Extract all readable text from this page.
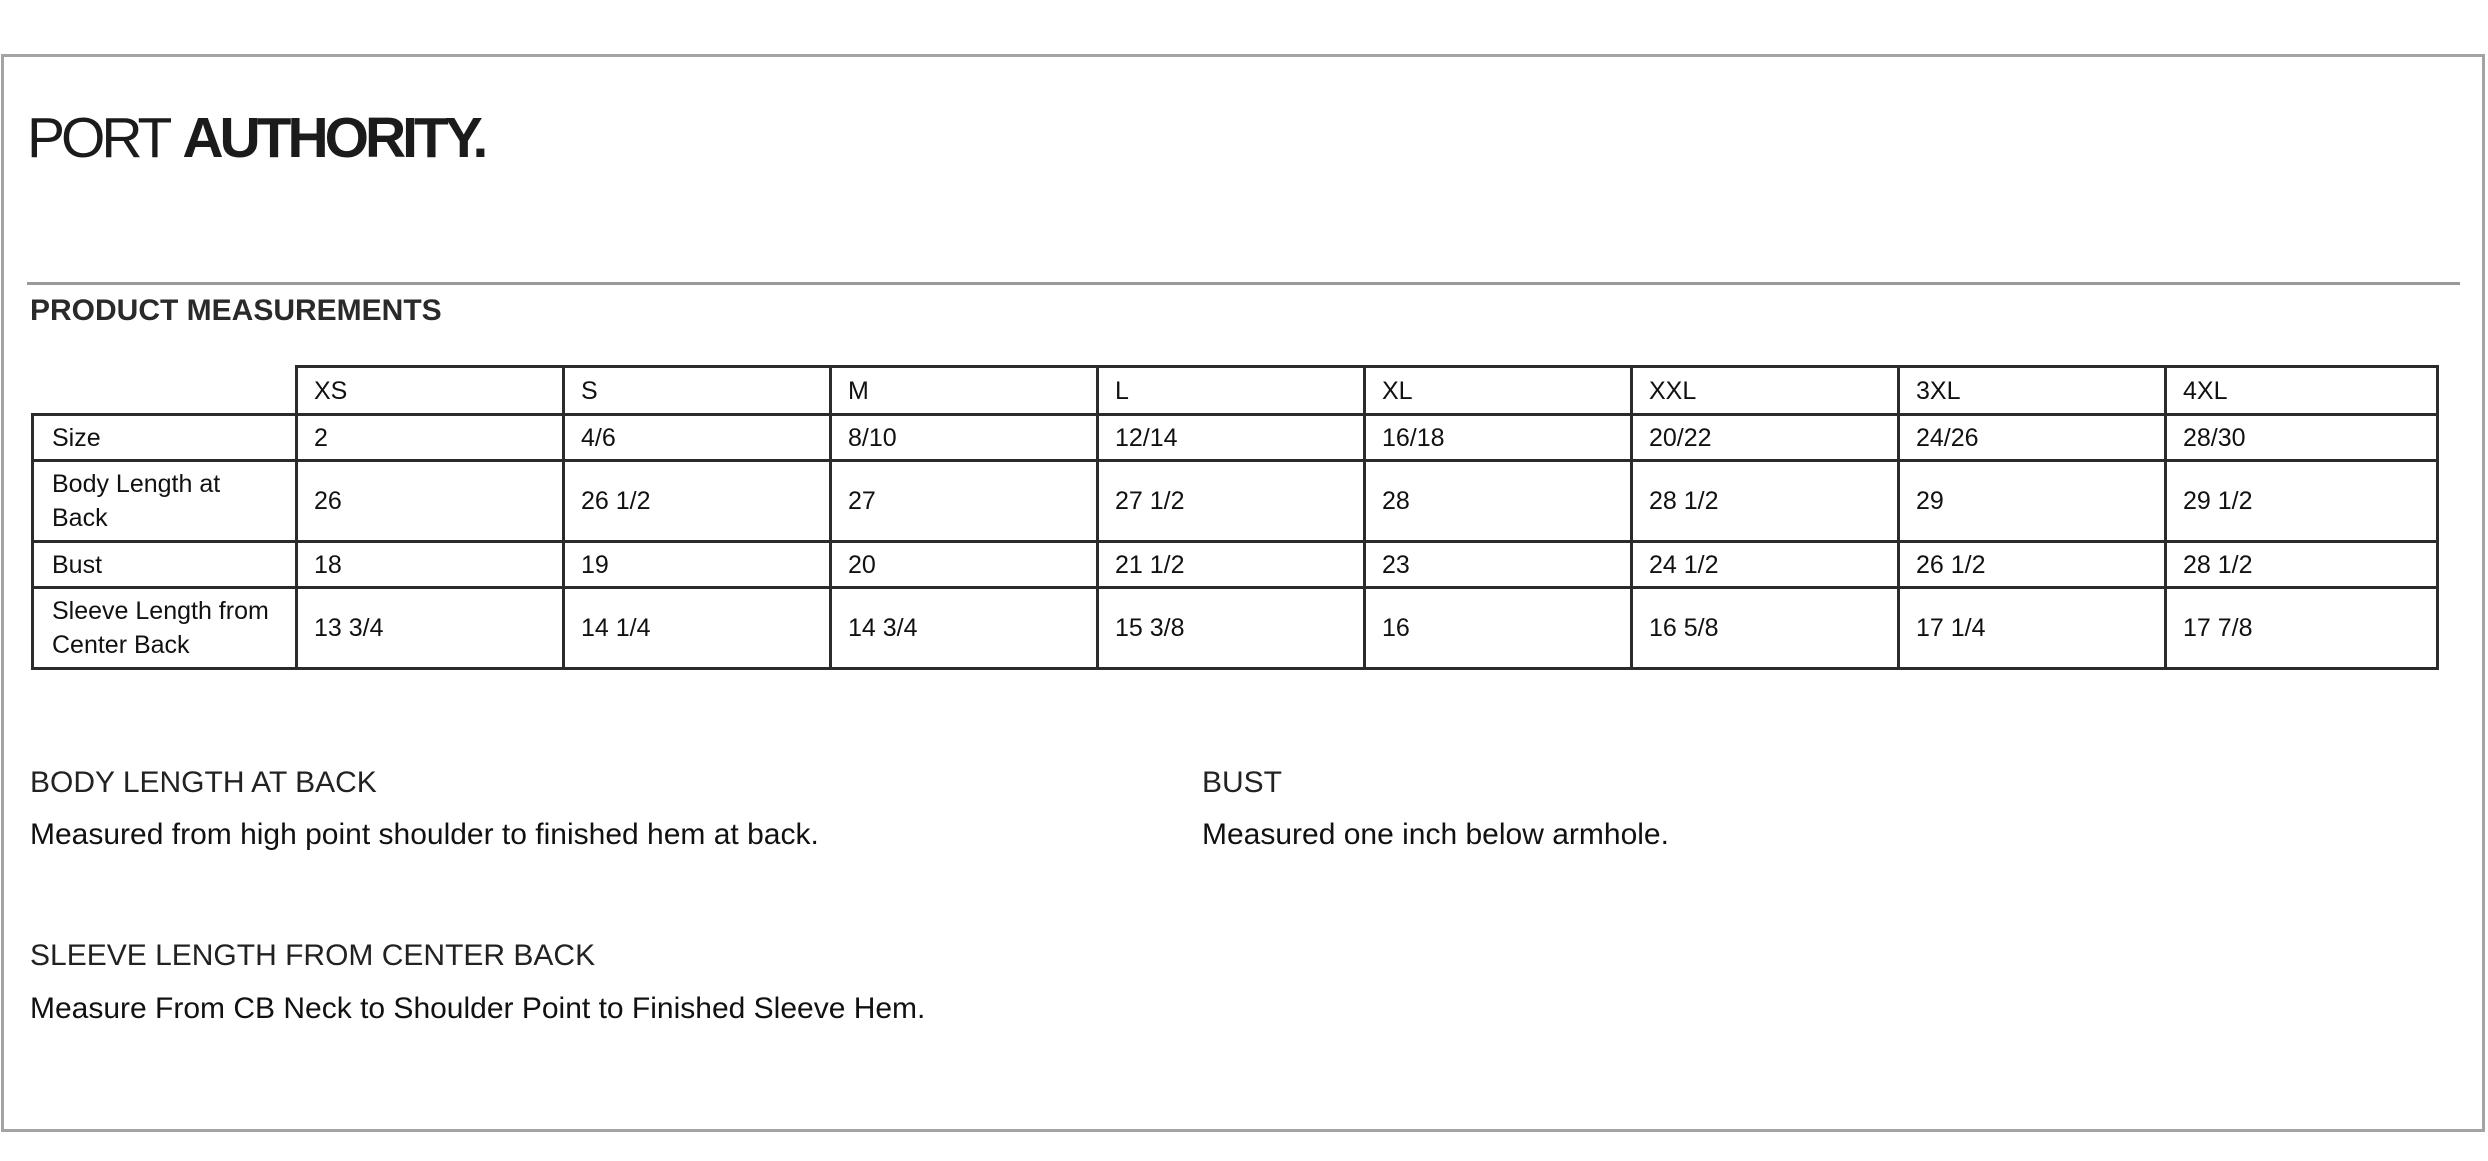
PORT AUTHORITY.
PRODUCT MEASUREMENTS
	XS	S	M	L	XL	XXL	3XL	4XL
Size	2	4/6	8/10	12/14	16/18	20/22	24/26	28/30
Body Length at Back	26	26 1/2	27	27 1/2	28	28 1/2	29	29 1/2
Bust	18	19	20	21 1/2	23	24 1/2	26 1/2	28 1/2
Sleeve Length from Center Back	13 3/4	14 1/4	14 3/4	15 3/8	16	16 5/8	17 1/4	17 7/8
BODY LENGTH AT BACK
Measured from high point shoulder to finished hem at back.
BUST
Measured one inch below armhole.
SLEEVE LENGTH FROM CENTER BACK
Measure From CB Neck to Shoulder Point to Finished Sleeve Hem.
